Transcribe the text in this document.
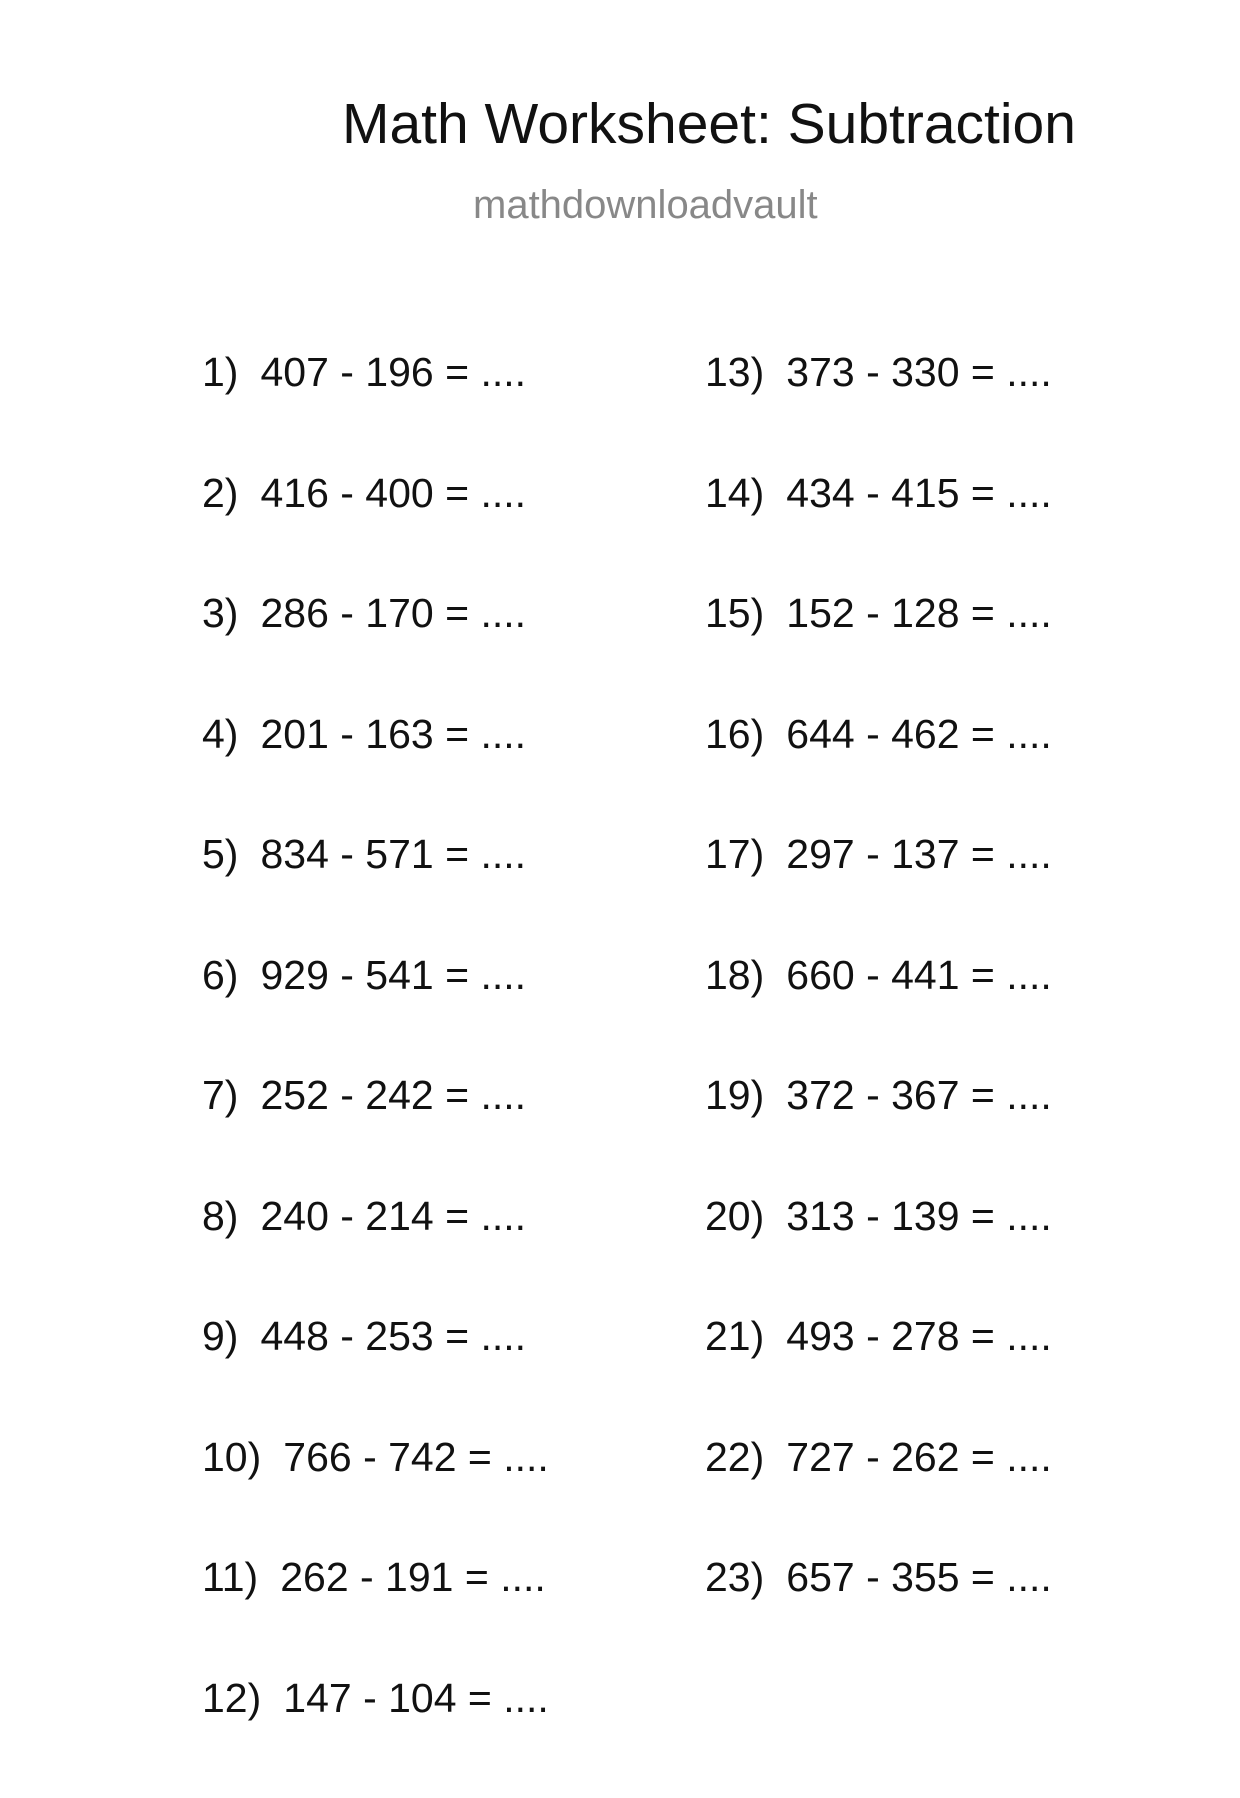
Math Worksheet: Subtraction
mathdownloadvault
1) 407 - 196 = ....
2) 416 - 400 = ....
3) 286 - 170 = ....
4) 201 - 163 = ....
5) 834 - 571 = ....
6) 929 - 541 = ....
7) 252 - 242 = ....
8) 240 - 214 = ....
9) 448 - 253 = ....
10) 766 - 742 = ....
11) 262 - 191 = ....
12) 147 - 104 = ....
13) 373 - 330 = ....
14) 434 - 415 = ....
15) 152 - 128 = ....
16) 644 - 462 = ....
17) 297 - 137 = ....
18) 660 - 441 = ....
19) 372 - 367 = ....
20) 313 - 139 = ....
21) 493 - 278 = ....
22) 727 - 262 = ....
23) 657 - 355 = ....
